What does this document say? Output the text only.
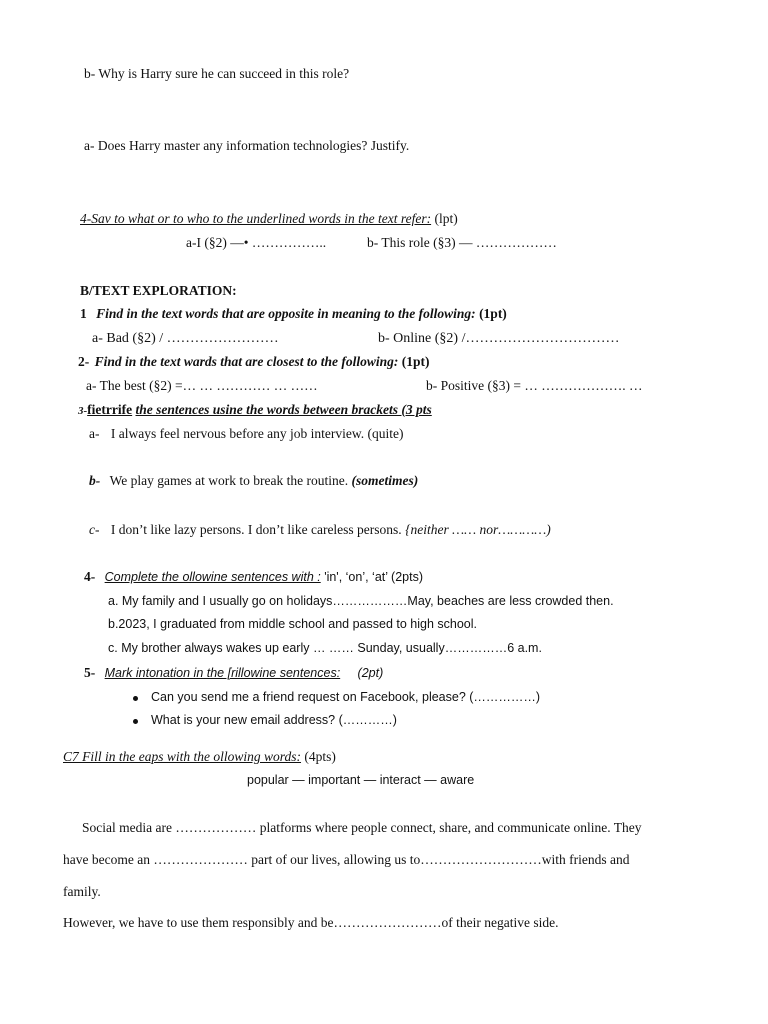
b- Why is Harry sure he can succeed in this role?
a- Does Harry master any information technologies? Justify.
4-Sav to what or to who to the underlined words in the text refer: (lpt)
a-I (§2) —• ……………..	b- This role (§3) — ………………
B/TEXT EXPLORATION:
1 Find in the text words that are opposite in meaning to the following: (1pt)
a- Bad (§2) / ……………………	b- Online (§2) /……………………………
2- Find in the text wards that are closest to the following: (1pt)
a- The best (§2) =… … ………… … ……	b- Positive (§3) = … ………………. …
3-fietrrife the sentences usine the words between brackets (3 pts
a- I always feel nervous before any job interview. (quite)
b- We play games at work to break the routine. (sometimes)
c- I don’t like lazy persons. I don’t like careless persons. {neither …… nor…………)
4- Complete the ollowine sentences with : 'in', ‘on’, ‘at’ (2pts)
a. My family and I usually go on holidays………………May, beaches are less crowded then.
b.2023, I graduated from middle school and passed to high school.
c. My brother always wakes up early … …… Sunday, usually……………6 a.m.
5- Mark intonation in the [rillowine sentences: (2pt)
Can you send me a friend request on Facebook, please? (……………)
What is your new email address? (…………)
C7 Fill in the eaps with the ollowing words: (4pts)
popular — important — interact — aware
Social media are ……………… platforms where people connect, share, and communicate online. They
have become an ………………… part of our lives, allowing us to………………………with friends and
family.
However, we have to use them responsibly and be……………………of their negative side.
